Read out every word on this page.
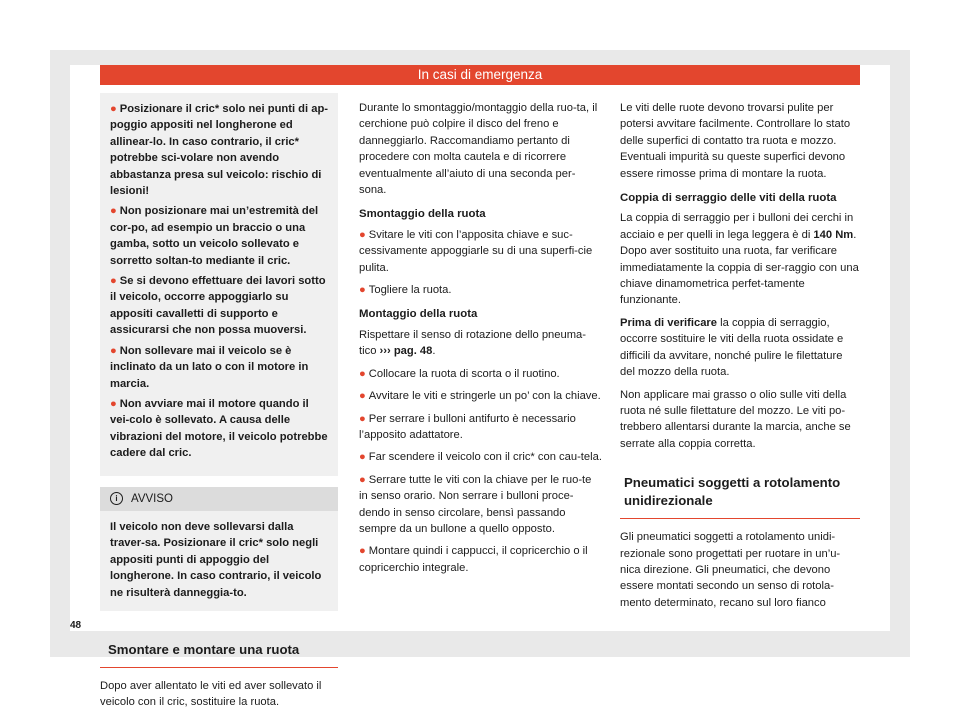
In casi di emergenza

● Posizionare il cric* solo nei punti di ap-poggio appositi nel longherone ed allinear-lo. In caso contrario, il cric* potrebbe sci-volare non avendo abbastanza presa sul veicolo: rischio di lesioni!

● Non posizionare mai un’estremità del cor-po, ad esempio un braccio o una gamba, sotto un veicolo sollevato e sorretto soltan-to mediante il cric.

● Se si devono effettuare dei lavori sotto il veicolo, occorre appoggiarlo su appositi cavalletti di supporto e assicurarsi che non possa muoversi.

● Non sollevare mai il veicolo se è inclinato da un lato o con il motore in marcia.

● Non avviare mai il motore quando il vei-colo è sollevato. A causa delle vibrazioni del motore, il veicolo potrebbe cadere dal cric.

i	AVVISO
Il veicolo non deve sollevarsi dalla traver-sa. Posizionare il cric* solo negli appositi punti di appoggio del longherone. In caso contrario, il veicolo ne risulterà danneggia-to.
Smontare e montare una ruota

Dopo aver allentato le viti ed aver sollevato il veicolo con il cric, sostituire la ruota.

Durante lo smontaggio/montaggio della ruo-ta, il cerchione può colpire il disco del freno e danneggiarlo. Raccomandiamo pertanto di procedere con molta cautela e di ricorrere eventualmente all’aiuto di una seconda per-sona.

Smontaggio della ruota

● Svitare le viti con l’apposita chiave e suc-cessivamente appoggiarle su di una superfi-cie pulita.

● Togliere la ruota.

Montaggio della ruota

Rispettare il senso di rotazione dello pneuma-tico ››› pag. 48.

● Collocare la ruota di scorta o il ruotino.

● Avvitare le viti e stringerle un po’ con la chiave.

● Per serrare i bulloni antifurto è necessario l’apposito adattatore.

● Far scendere il veicolo con il cric* con cau-tela.

● Serrare tutte le viti con la chiave per le ruo-te in senso orario. Non serrare i bulloni proce-dendo in senso circolare, bensì passando sempre da un bullone a quello opposto.

● Montare quindi i cappucci, il copricerchio o il copricerchio integrale.

Le viti delle ruote devono trovarsi pulite per potersi avvitare facilmente. Controllare lo stato delle superfici di contatto tra ruota e mozzo. Eventuali impurità su queste superfici devono essere rimosse prima di montare la ruota.

Coppia di serraggio delle viti della ruota

La coppia di serraggio per i bulloni dei cerchi in acciaio e per quelli in lega leggera è di 140 Nm. Dopo aver sostituito una ruota, far verificare immediatamente la coppia di ser-raggio con una chiave dinamometrica perfet-tamente funzionante.

Prima di verificare la coppia di serraggio, occorre sostituire le viti della ruota ossidate e difficili da avvitare, nonché pulire le filettature del mozzo della ruota.

Non applicare mai grasso o olio sulle viti della ruota né sulle filettature del mozzo. Le viti po-trebbero allentarsi durante la marcia, anche se serrate alla coppia corretta.

Pneumatici soggetti a rotolamento unidirezionale

Gli pneumatici soggetti a rotolamento unidi-rezionale sono progettati per ruotare in un’u-nica direzione. Gli pneumatici, che devono essere montati secondo un senso di rotola-mento determinato, recano sul loro fianco

48
